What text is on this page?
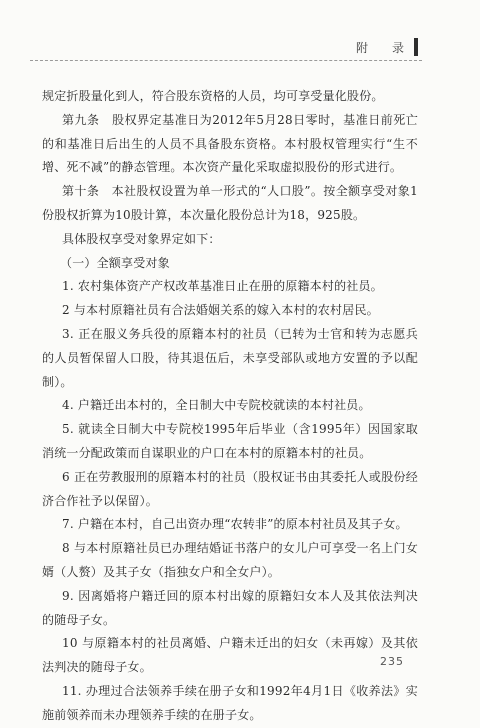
附　录

规定折股量化到人，符合股东资格的人员，均可享受量化股份。

第九条　股权界定基准日为2012年5月28日零时，基准日前死亡的和基准日后出生的人员不具备股东资格。本村股权管理实行“生不增、死不减”的静态管理。本次资产量化采取虚拟股份的形式进行。

第十条　本社股权设置为单一形式的“人口股”。按全额享受对象1份股权折算为10股计算，本次量化股份总计为18，925股。

具体股权享受对象界定如下：

（一）全额享受对象

1. 农村集体资产产权改革基准日止在册的原籍本村的社员。

2 与本村原籍社员有合法婚姻关系的嫁入本村的农村居民。

3. 正在服义务兵役的原籍本村的社员（已转为士官和转为志愿兵的人员暂保留人口股，待其退伍后，未享受部队或地方安置的予以配制）。

4. 户籍迁出本村的，全日制大中专院校就读的本村社员。

5. 就读全日制大中专院校1995年后毕业（含1995年）因国家取消统一分配政策而自谋职业的户口在本村的原籍本村的社员。

6 正在劳教服刑的原籍本村的社员（股权证书由其委托人或股份经济合作社予以保留）。

7. 户籍在本村，自己出资办理“农转非”的原本村社员及其子女。

8 与本村原籍社员已办理结婚证书落户的女儿户可享受一名上门女婿（人赘）及其子女（指独女户和全女户）。

9. 因离婚将户籍迁回的原本村出嫁的原籍妇女本人及其依法判决的随母子女。

10 与原籍本村的社员离婚、户籍未迁出的妇女（未再嫁）及其依法判决的随母子女。

11. 办理过合法领养手续在册子女和1992年4月1日《收养法》实施前领养而未办理领养手续的在册子女。

235
